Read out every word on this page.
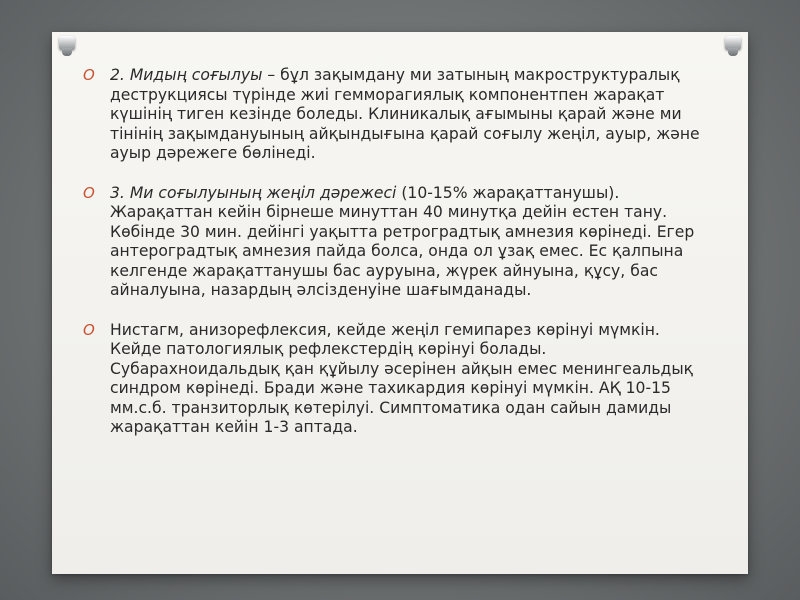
O 2. Мидың соғылуы – бұл зақымдану ми затының макроструктуралық деструкциясы түрінде жиі геммoрагиялық компонентпен жарақат күшінің тиген кезінде боледы. Клиникалық ағымыны қарай және ми тінінің зақымдануының айқындығына қарай соғылу жеңіл, ауыр, және ауыр дәрежеге бөлінеді.
O 3. Ми соғылуының жеңіл дәрежесі (10-15% жарақаттанушы). Жарақаттан кейін бірнеше минуттан 40 минутқа дейін естен тану. Көбінде 30 мин. дейінгі уақытта ретроградтық амнезия көрінеді. Егер антероградтық амнезия пайда болса, онда ол ұзақ емес. Ес қалпына келгенде жарақаттанушы бас ауруына, жүрек айнуына, құсу, бас айналуына, назардың әлсізденуіне шағымданады.
O Нистагм, анизорефлексия, кейде жеңіл гемипарез көрінуі мүмкін. Кейде патологиялық рефлекстердің көрінуі болады. Субарахноидальдық қан құйылу әсерінен айқын емес менингеальдық синдром көрінеді. Бради және тахикардия көрінуі мүмкін. АҚ 10-15 мм.с.б. транзиторлық көтерілуі. Симптоматика одан сайын дамиды жарақаттан кейін 1-3 аптада.
